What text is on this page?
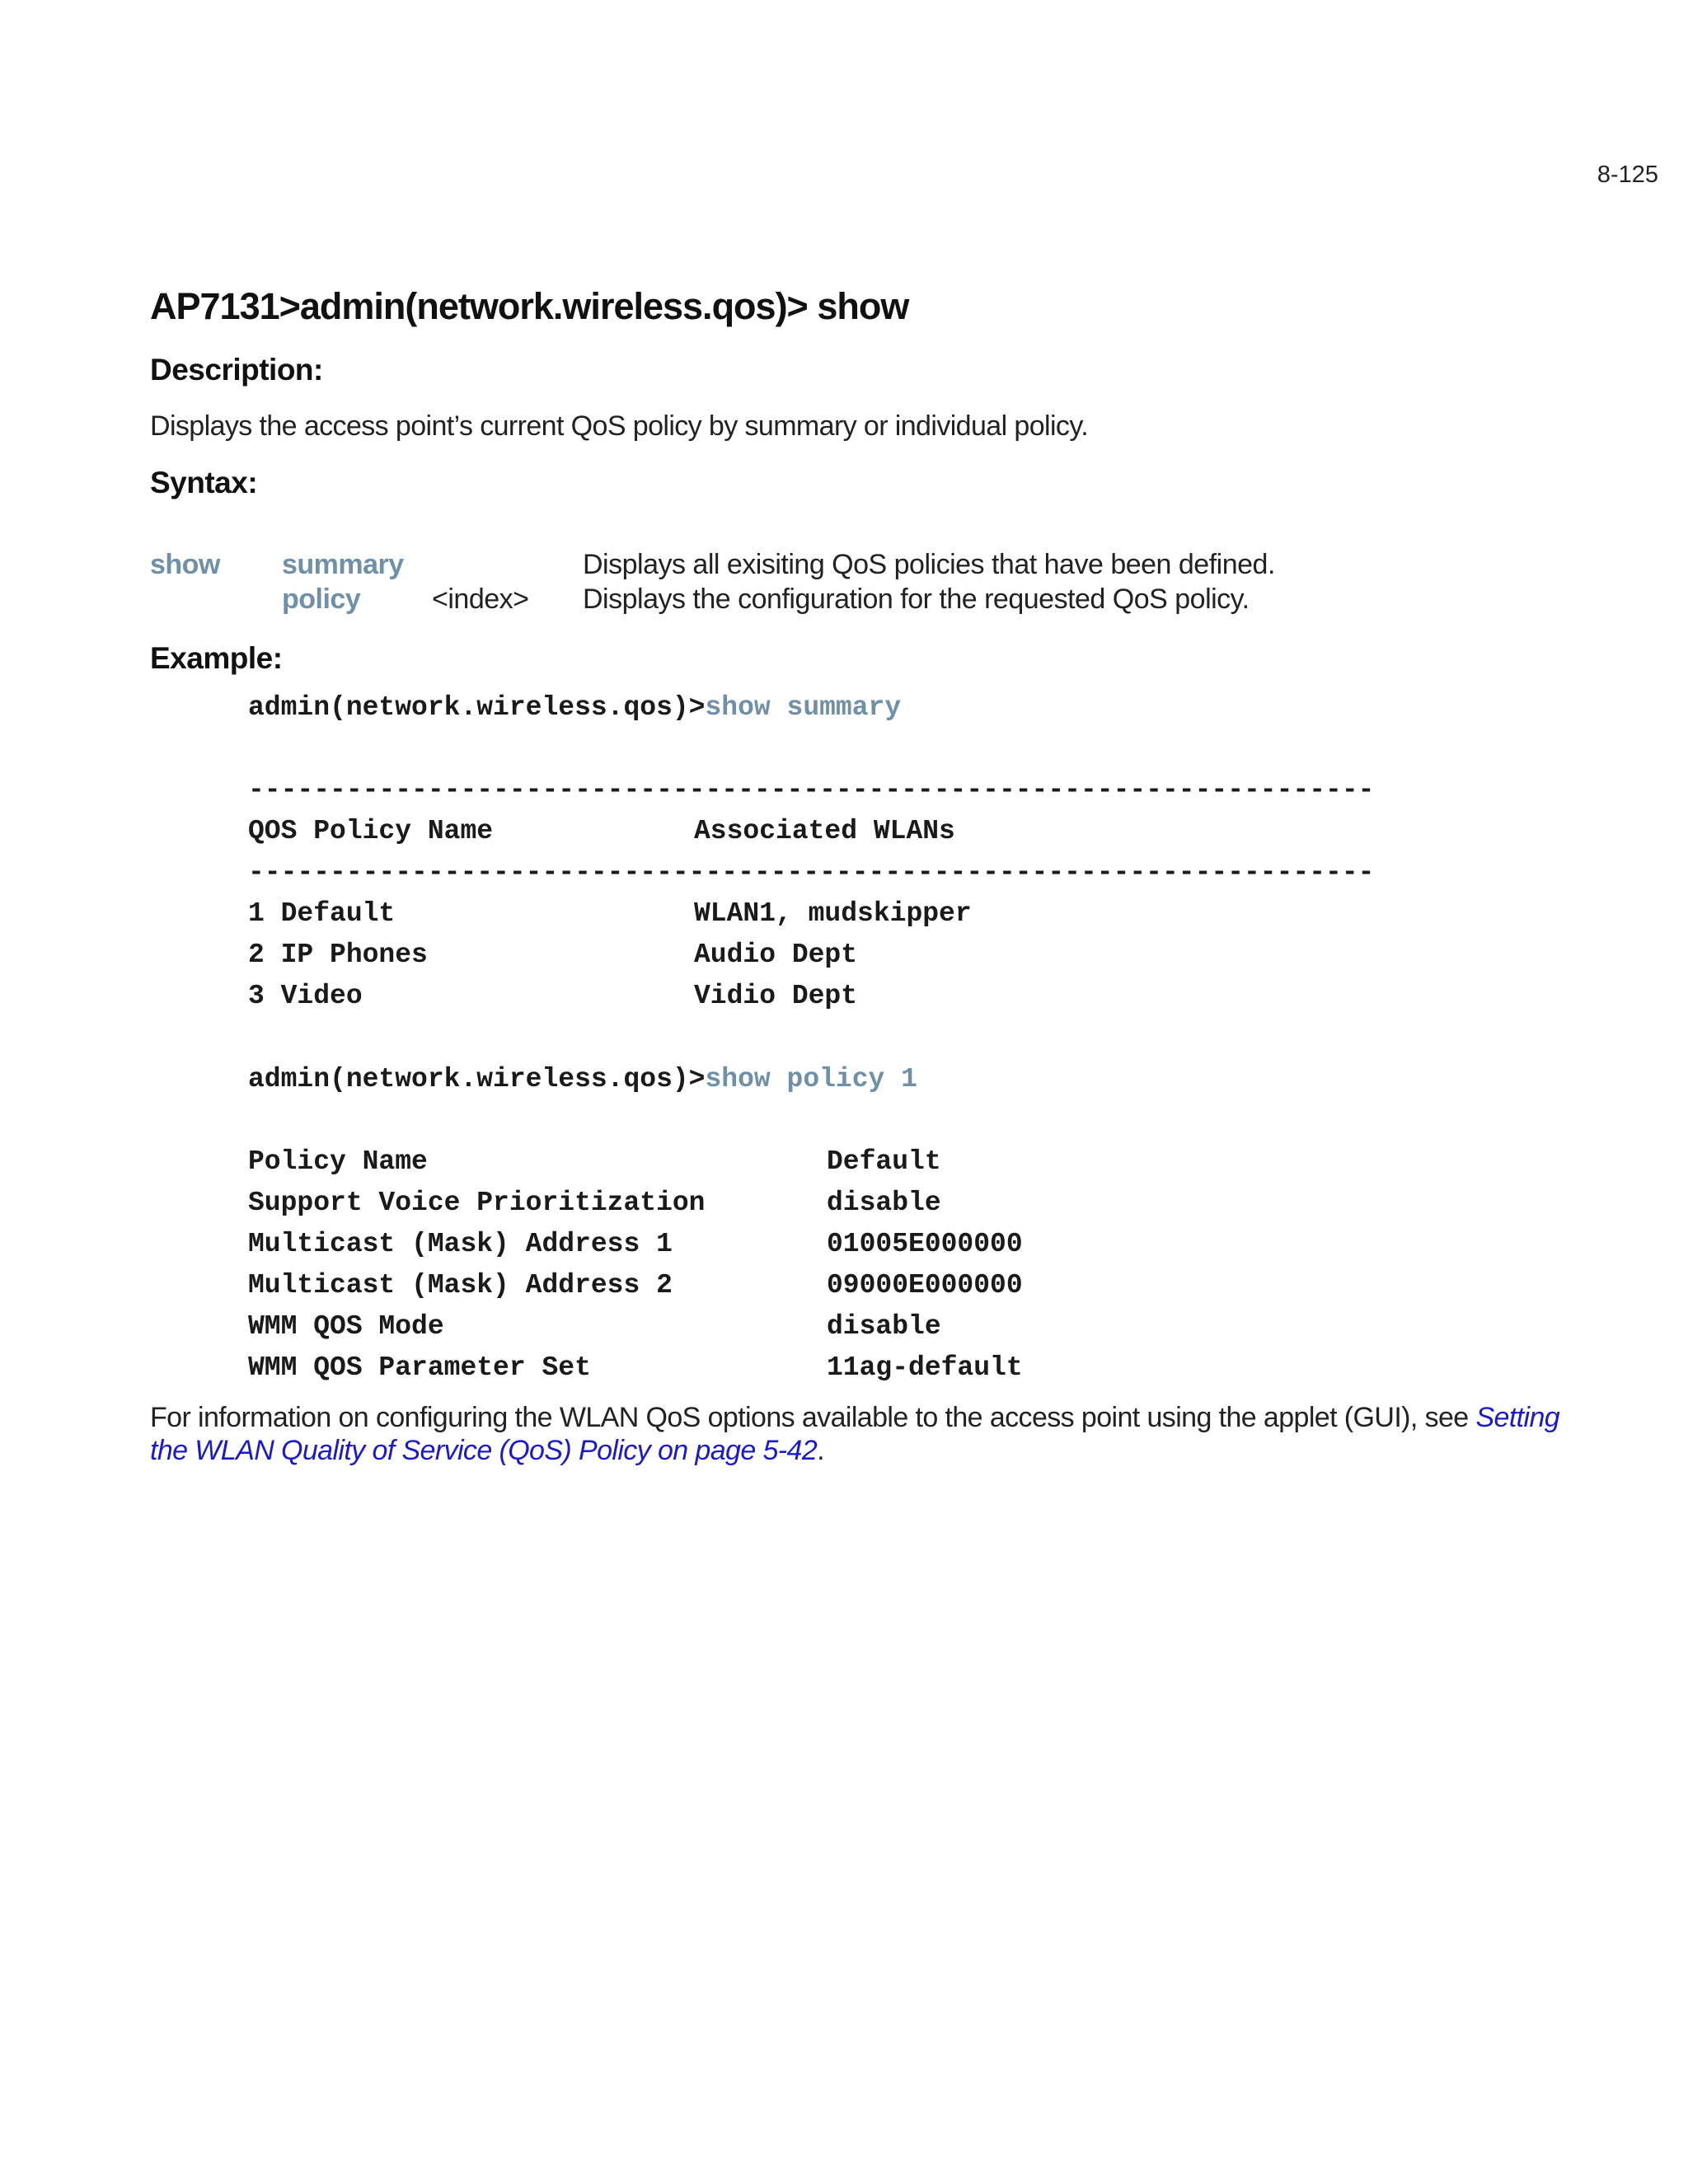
8-125
AP7131>admin(network.wireless.qos)> show
Description:
Displays the access point’s current QoS policy by summary or individual policy.
Syntax:
show summary	Displays all exisiting QoS policies that have been defined.
policy	<index> Displays the configuration for the requested QoS policy.
Example:
admin(network.wireless.qos)>show summary
---------------------------------------------------------------------
QOS Policy Name	Associated WLANs
---------------------------------------------------------------------
1 Default	WLAN1, mudskipper
2 IP Phones	Audio Dept
3 Video	Vidio Dept
admin(network.wireless.qos)>show policy 1
Policy Name	Default
Support Voice Prioritization	disable
Multicast (Mask) Address 1	01005E000000
Multicast (Mask) Address 2	09000E000000
WMM QOS Mode	disable
WMM QOS Parameter Set	11ag-default
For information on configuring the WLAN QoS options available to the access point using the applet (GUI), see Setting the WLAN Quality of Service (QoS) Policy on page 5-42.
